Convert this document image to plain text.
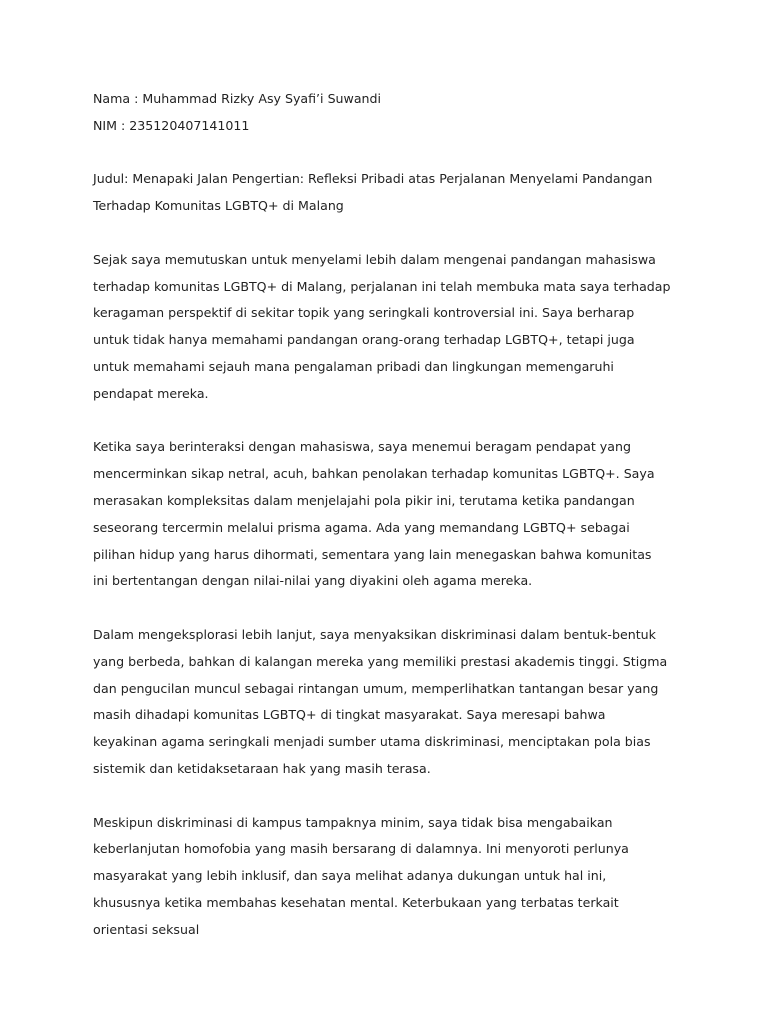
Nama : Muhammad Rizky Asy Syafi’i Suwandi
NIM : 235120407141011
Judul: Menapaki Jalan Pengertian: Refleksi Pribadi atas Perjalanan Menyelami Pandangan
Terhadap Komunitas LGBTQ+ di Malang
Sejak saya memutuskan untuk menyelami lebih dalam mengenai pandangan mahasiswa
terhadap komunitas LGBTQ+ di Malang, perjalanan ini telah membuka mata saya terhadap
keragaman perspektif di sekitar topik yang seringkali kontroversial ini. Saya berharap
untuk tidak hanya memahami pandangan orang-orang terhadap LGBTQ+, tetapi juga
untuk memahami sejauh mana pengalaman pribadi dan lingkungan memengaruhi
pendapat mereka.
Ketika saya berinteraksi dengan mahasiswa, saya menemui beragam pendapat yang
mencerminkan sikap netral, acuh, bahkan penolakan terhadap komunitas LGBTQ+. Saya
merasakan kompleksitas dalam menjelajahi pola pikir ini, terutama ketika pandangan
seseorang tercermin melalui prisma agama. Ada yang memandang LGBTQ+ sebagai
pilihan hidup yang harus dihormati, sementara yang lain menegaskan bahwa komunitas
ini bertentangan dengan nilai-nilai yang diyakini oleh agama mereka.
Dalam mengeksplorasi lebih lanjut, saya menyaksikan diskriminasi dalam bentuk-bentuk
yang berbeda, bahkan di kalangan mereka yang memiliki prestasi akademis tinggi. Stigma
dan pengucilan muncul sebagai rintangan umum, memperlihatkan tantangan besar yang
masih dihadapi komunitas LGBTQ+ di tingkat masyarakat. Saya meresapi bahwa
keyakinan agama seringkali menjadi sumber utama diskriminasi, menciptakan pola bias
sistemik dan ketidaksetaraan hak yang masih terasa.
Meskipun diskriminasi di kampus tampaknya minim, saya tidak bisa mengabaikan
keberlanjutan homofobia yang masih bersarang di dalamnya. Ini menyoroti perlunya
masyarakat yang lebih inklusif, dan saya melihat adanya dukungan untuk hal ini,
khususnya ketika membahas kesehatan mental. Keterbukaan yang terbatas terkait
orientasi seksual
